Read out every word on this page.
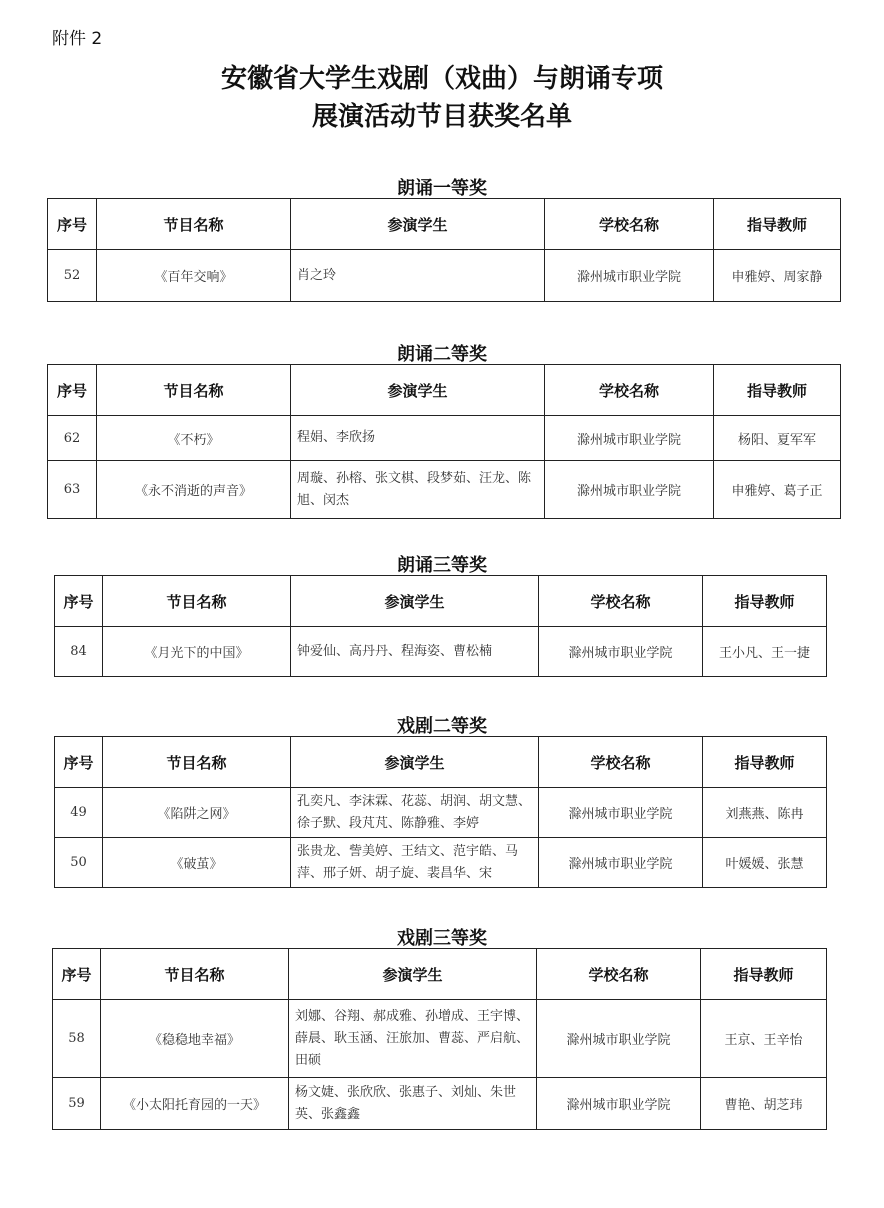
附件 2
安徽省大学生戏剧（戏曲）与朗诵专项
展演活动节目获奖名单
朗诵一等奖
序号	节目名称	参演学生	学校名称	指导教师
52	《百年交响》	肖之玲	滁州城市职业学院	申雅婷、周家静
朗诵二等奖
序号	节目名称	参演学生	学校名称	指导教师
62	《不朽》	程娟、李欣扬	滁州城市职业学院	杨阳、夏军军
63	《永不消逝的声音》	周璇、孙榕、张文棋、段梦茹、汪龙、陈旭、闵杰	滁州城市职业学院	申雅婷、葛子正
朗诵三等奖
序号	节目名称	参演学生	学校名称	指导教师
84	《月光下的中国》	钟爱仙、高丹丹、程海姿、曹松楠	滁州城市职业学院	王小凡、王一捷
戏剧二等奖
序号	节目名称	参演学生	学校名称	指导教师
49	《陷阱之网》	孔奕凡、李沫霖、花蕊、胡润、胡文慧、徐子默、段芃芃、陈静雅、李婷	滁州城市职业学院	刘燕燕、陈冉
50	《破茧》	张贵龙、訾美婷、王结文、范宇皓、马萍、邢子妍、胡子旋、裴昌华、宋	滁州城市职业学院	叶媛媛、张慧
戏剧三等奖
序号	节目名称	参演学生	学校名称	指导教师
58	《稳稳地幸福》	刘娜、谷翔、郝成雅、孙增成、王宇博、薛晨、耿玉涵、汪旅加、曹蕊、严启航、田硕	滁州城市职业学院	王京、王辛怡
59	《小太阳托育园的一天》	杨文婕、张欣欣、张惠子、刘灿、朱世英、张鑫鑫	滁州城市职业学院	曹艳、胡芝玮
